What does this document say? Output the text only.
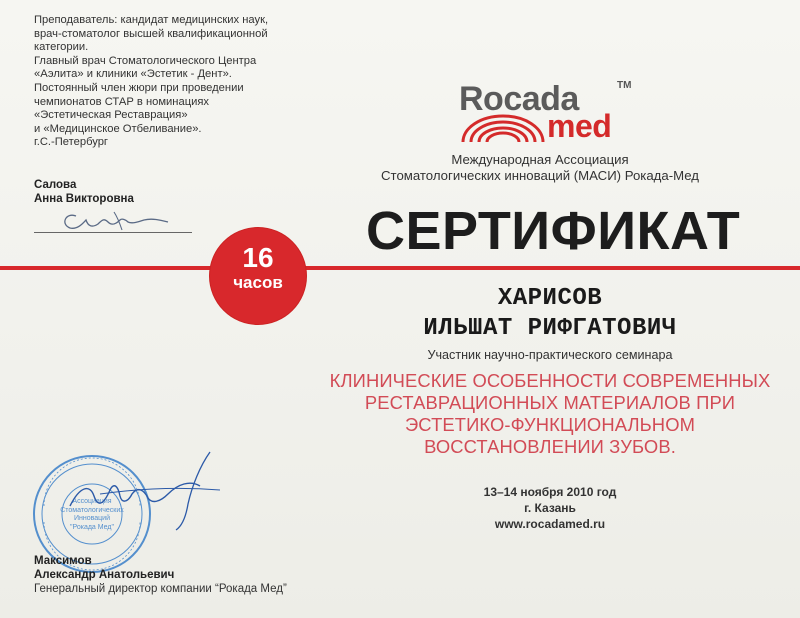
Преподаватель: кандидат медицинских наук,
врач-стоматолог высшей квалификационной
категории.
Главный врач Стоматологического Центра
«Аэлита» и клиники «Эстетик - Дент».
Постоянный член жюри при проведении
чемпионатов СТАР в номинациях
«Эстетическая Реставрация»
и «Медицинское Отбеливание».
г.С.-Петербург
Салова
Анна Викторовна
Rocada	TM
med
Международная Ассоциация
Стоматологических инноваций (МАСИ) Рокада-Мед
СЕРТИФИКАТ
16
часов
ХАРИСОВ
ИЛЬШАТ РИФГАТОВИЧ
Участник научно-практического семинара
КЛИНИЧЕСКИЕ ОСОБЕННОСТИ СОВРЕМЕННЫХ
РЕСТАВРАЦИОННЫХ МАТЕРИАЛОВ ПРИ
ЭСТЕТИКО-ФУНКЦИОНАЛЬНОМ
ВОССТАНОВЛЕНИИ ЗУБОВ.
13–14 ноября 2010 год
г. Казань
www.rocadamed.ru
Ассоциация
Стоматологических
Инноваций
"Рокада Мед"
Максимов
Александр Анатольевич
Генеральный директор компании “Рокада Мед”
